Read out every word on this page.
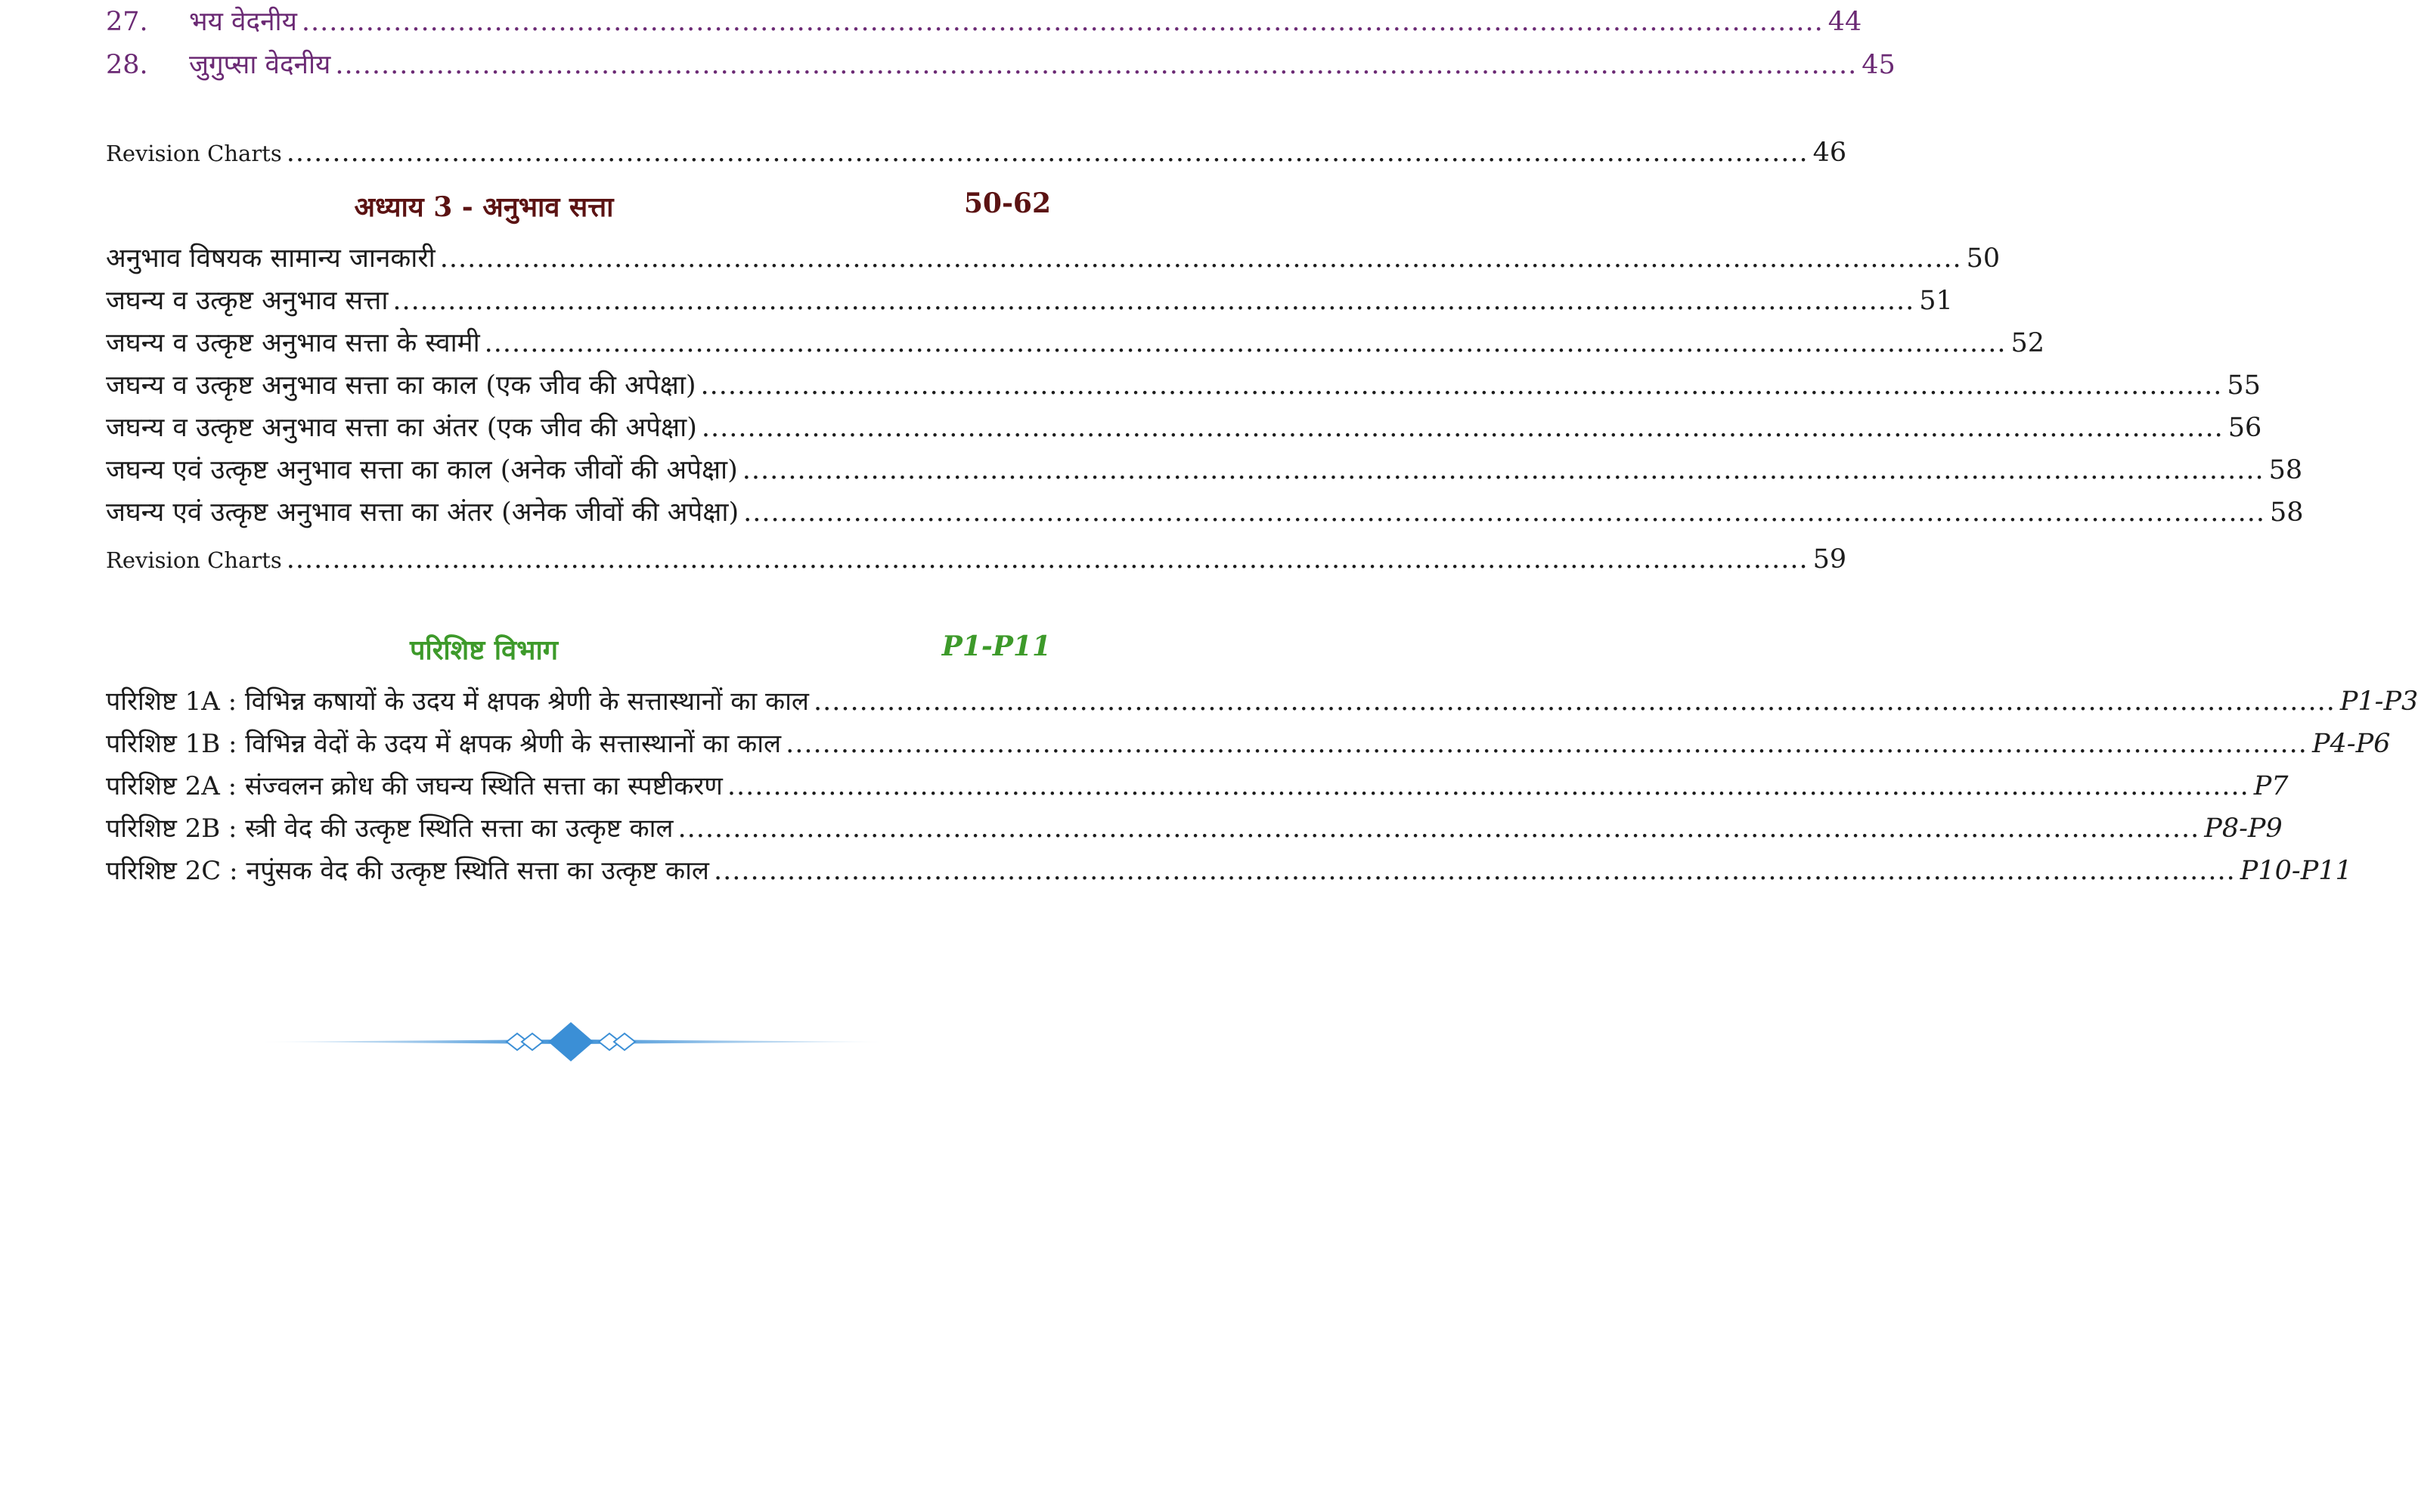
27.	भय वेदनीय ...................................................................................................................................................................... 44
28.	जुगुप्सा वेदनीय ...................................................................................................................................................................... 45
Revision Charts ...................................................................................................................................................................... 46
अध्याय 3 - अनुभाव सत्ता	50-62
अनुभाव विषयक सामान्य जानकारी ...................................................................................................................................................................... 50
जघन्य व उत्कृष्ट अनुभाव सत्ता ...................................................................................................................................................................... 51
जघन्य व उत्कृष्ट अनुभाव सत्ता के स्वामी ...................................................................................................................................................................... 52
जघन्य व उत्कृष्ट अनुभाव सत्ता का काल (एक जीव की अपेक्षा) ...................................................................................................................................................................... 55
जघन्य व उत्कृष्ट अनुभाव सत्ता का अंतर (एक जीव की अपेक्षा) ...................................................................................................................................................................... 56
जघन्य एवं उत्कृष्ट अनुभाव सत्ता का काल (अनेक जीवों की अपेक्षा) ...................................................................................................................................................................... 58
जघन्य एवं उत्कृष्ट अनुभाव सत्ता का अंतर (अनेक जीवों की अपेक्षा) ...................................................................................................................................................................... 58
Revision Charts ...................................................................................................................................................................... 59
परिशिष्ट विभाग	P1-P11
परिशिष्ट 1A : विभिन्न कषायों के उदय में क्षपक श्रेणी के सत्तास्थानों का काल ...................................................................................................................................................................... P1-P3
परिशिष्ट 1B : विभिन्न वेदों के उदय में क्षपक श्रेणी के सत्तास्थानों का काल ...................................................................................................................................................................... P4-P6
परिशिष्ट 2A : संज्वलन क्रोध की जघन्य स्थिति सत्ता का स्पष्टीकरण ...................................................................................................................................................................... P7
परिशिष्ट 2B : स्त्री वेद की उत्कृष्ट स्थिति सत्ता का उत्कृष्ट काल ...................................................................................................................................................................... P8-P9
परिशिष्ट 2C : नपुंसक वेद की उत्कृष्ट स्थिति सत्ता का उत्कृष्ट काल ...................................................................................................................................................................... P10-P11
